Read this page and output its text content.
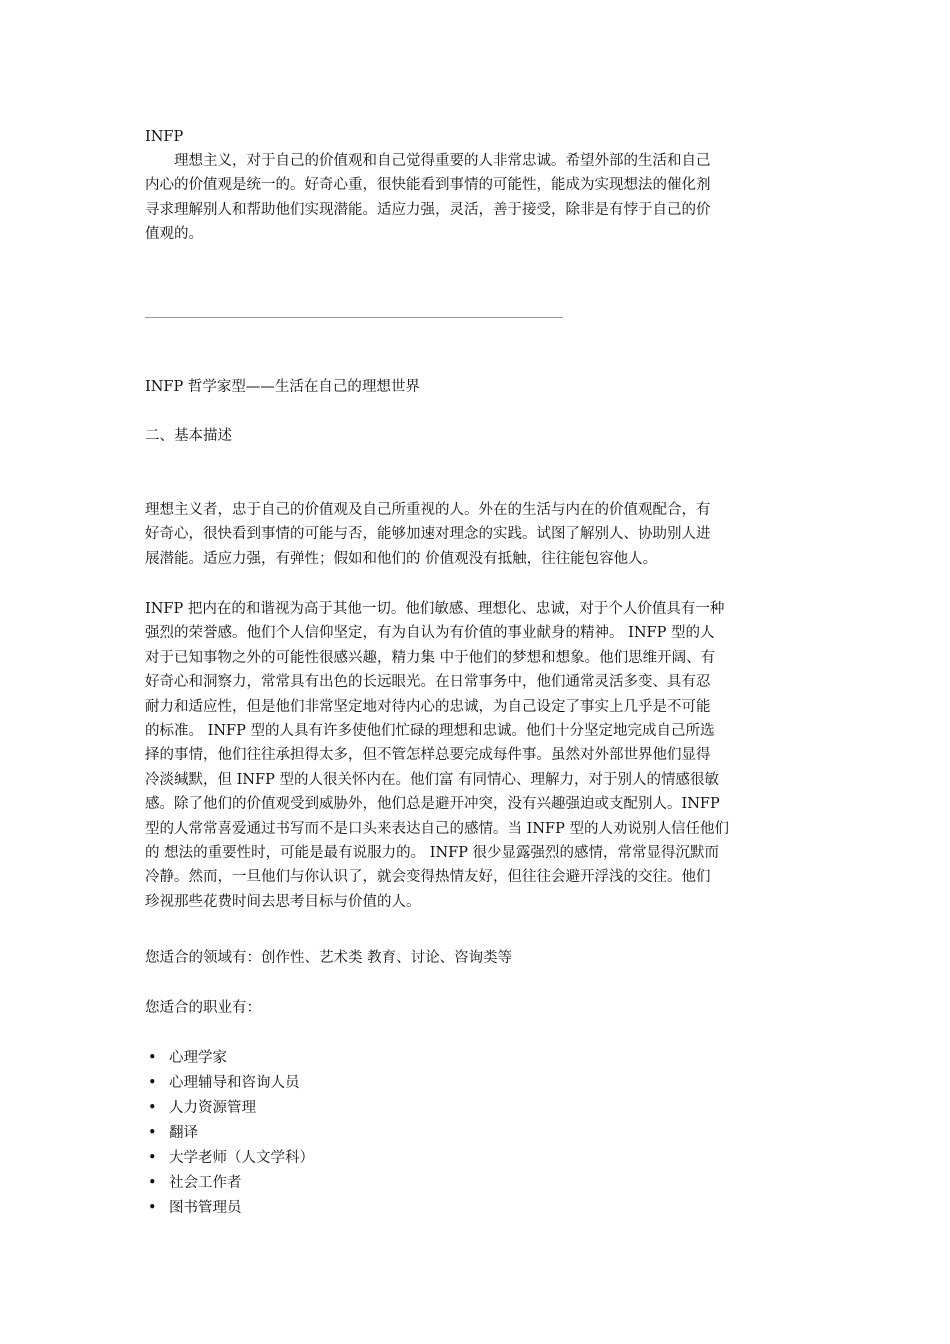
INFP

理想主义，对于自己的价值观和自己觉得重要的人非常忠诚。希望外部的生活和自己
内心的价值观是统一的。好奇心重，很快能看到事情的可能性，能成为实现想法的催化剂
寻求理解别人和帮助他们实现潜能。适应力强，灵活，善于接受，除非是有悖于自己的价
值观的。

INFP 哲学家型——生活在自己的理想世界

二、基本描述

理想主义者，忠于自己的价值观及自己所重视的人。外在的生活与内在的价值观配合，有
好奇心，很快看到事情的可能与否，能够加速对理念的实践。试图了解别人、协助别人进
展潜能。适应力强，有弹性；假如和他们的 价值观没有抵触，往往能包容他人。
INFP 把内在的和谐视为高于其他一切。他们敏感、理想化、忠诚，对于个人价值具有一种
强烈的荣誉感。他们个人信仰坚定，有为自认为有价值的事业献身的精神。 INFP 型的人
对于已知事物之外的可能性很感兴趣，精力集 中于他们的梦想和想象。他们思维开阔、有
好奇心和洞察力，常常具有出色的长远眼光。在日常事务中，他们通常灵活多变、具有忍
耐力和适应性，但是他们非常坚定地对待内心的忠诚，为自己设定了事实上几乎是不可能
的标准。 INFP 型的人具有许多使他们忙碌的理想和忠诚。他们十分坚定地完成自己所选
择的事情，他们往往承担得太多，但不管怎样总要完成每件事。虽然对外部世界他们显得
冷淡缄默，但 INFP 型的人很关怀内在。他们富 有同情心、理解力，对于别人的情感很敏
感。除了他们的价值观受到威胁外，他们总是避开冲突，没有兴趣强迫或支配别人。INFP
型的人常常喜爱通过书写而不是口头来表达自己的感情。当 INFP 型的人劝说别人信任他们
的 想法的重要性时，可能是最有说服力的。 INFP 很少显露强烈的感情，常常显得沉默而
冷静。然而，一旦他们与你认识了，就会变得热情友好，但往往会避开浮浅的交往。他们
珍视那些花费时间去思考目标与价值的人。

您适合的领域有：创作性、艺术类 教育、讨论、咨询类等

您适合的职业有：

• 心理学家
• 心理辅导和咨询人员
• 人力资源管理
• 翻译
• 大学老师（人文学科）
• 社会工作者
• 图书管理员
